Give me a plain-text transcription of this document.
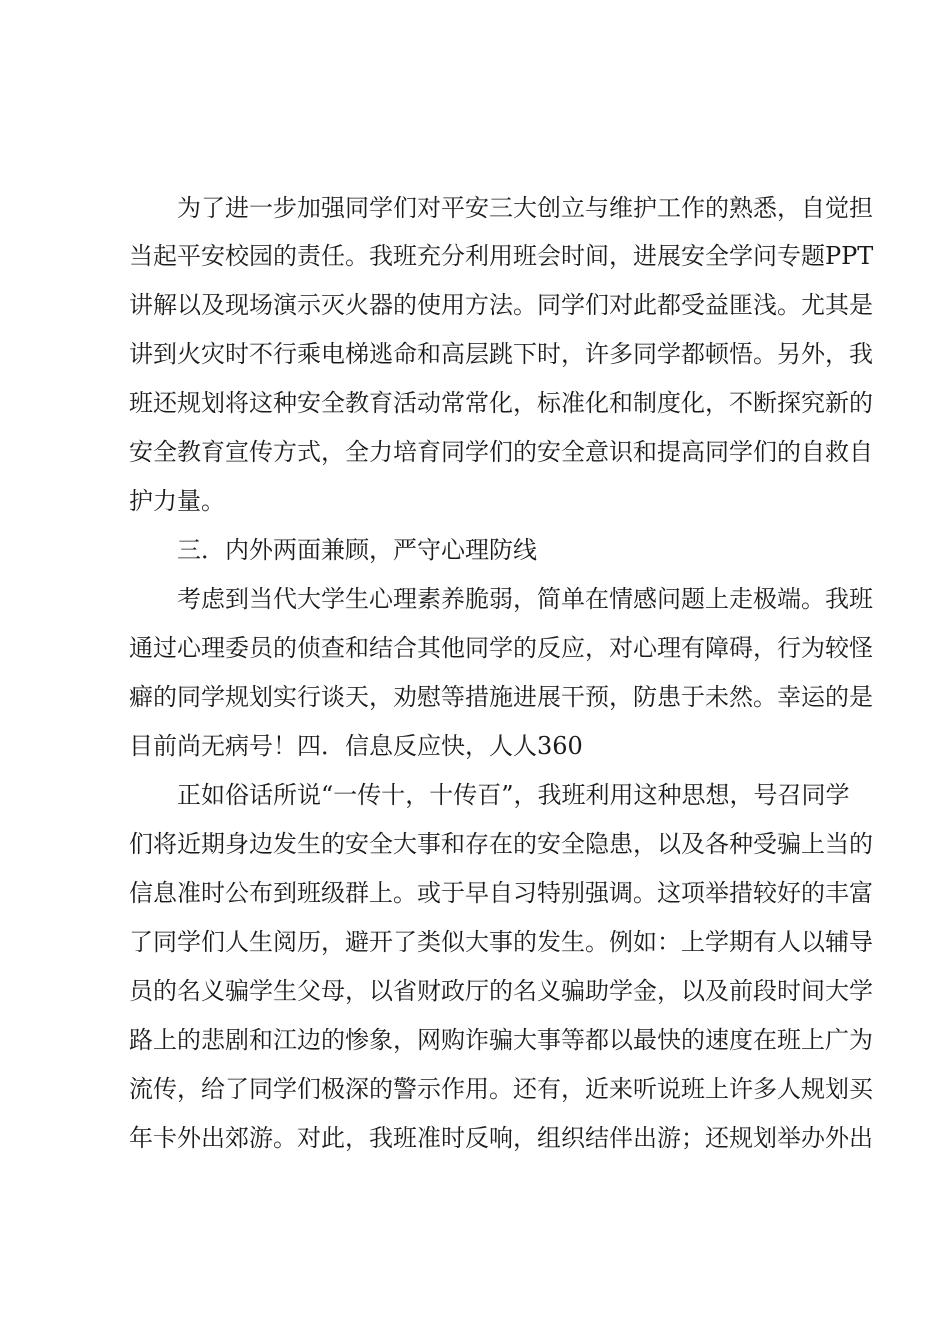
为了进一步加强同学们对平安三大创立与维护工作的熟悉，自觉担
当起平安校园的责任。我班充分利用班会时间，进展安全学问专题PPT
讲解以及现场演示灭火器的使用方法。同学们对此都受益匪浅。尤其是
讲到火灾时不行乘电梯逃命和高层跳下时，许多同学都顿悟。另外，我
班还规划将这种安全教育活动常常化，标准化和制度化，不断探究新的
安全教育宣传方式，全力培育同学们的安全意识和提高同学们的自救自
护力量。
三．内外两面兼顾，严守心理防线
考虑到当代大学生心理素养脆弱，简单在情感问题上走极端。我班
通过心理委员的侦查和结合其他同学的反应，对心理有障碍，行为较怪
癖的同学规划实行谈天，劝慰等措施进展干预，防患于未然。幸运的是
目前尚无病号！四．信息反应快，人人360
正如俗话所说“一传十，十传百”，我班利用这种思想，号召同学
们将近期身边发生的安全大事和存在的安全隐患，以及各种受骗上当的
信息准时公布到班级群上。或于早自习特别强调。这项举措较好的丰富
了同学们人生阅历，避开了类似大事的发生。例如：上学期有人以辅导
员的名义骗学生父母，以省财政厅的名义骗助学金，以及前段时间大学
路上的悲剧和江边的惨象，网购诈骗大事等都以最快的速度在班上广为
流传，给了同学们极深的警示作用。还有，近来听说班上许多人规划买
年卡外出郊游。对此，我班准时反响，组织结伴出游；还规划举办外出
